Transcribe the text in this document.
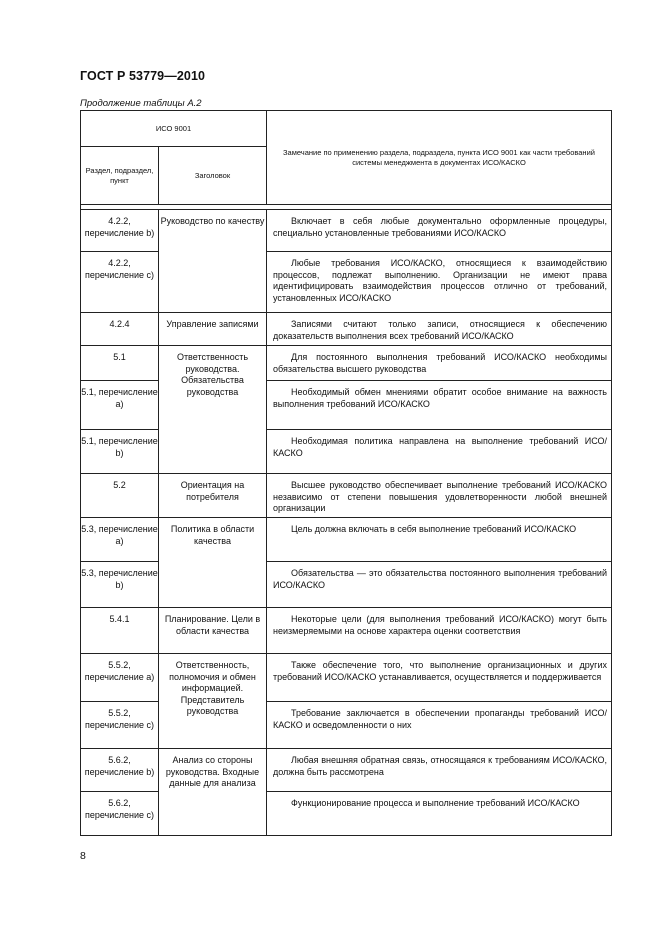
ГОСТ Р 53779—2010
Продолжение таблицы А.2
ИСО 9001		Замечание по применению раздела, подраздела, пункта ИСО 9001 как части требований системы менеджмента в документах ИСО/КАСКО
Раздел, подраздел, пункт	Заголовок	

4.2.2, перечисление b)	Руководство по качеству	Включает в себя любые документально оформленные процедуры, специально установленные требованиями ИСО/КАСКО
4.2.2, перечисление c)		Любые требования ИСО/КАСКО, относящиеся к взаимодействию процессов, подлежат выполнению. Организации не имеют права идентифицировать взаимодействия процессов отлично от требований, установленных ИСО/КАСКО
4.2.4	Управление записями	Записями считают только записи, относящиеся к обеспечению доказательств выполнения всех требований ИСО/КАСКО
5.1	Ответственность руководства. Обязательства руководства	Для постоянного выполнения требований ИСО/КАСКО необходимы обязательства высшего руководства
5.1, перечисление a)		Необходимый обмен мнениями обратит особое внимание на важность выполнения требований ИСО/КАСКО
5.1, перечисление b)		Необходимая политика направлена на выполнение требований ИСО/КАСКО
5.2	Ориентация на потребителя	Высшее руководство обеспечивает выполнение требований ИСО/КАСКО независимо от степени повышения удовлетворенности любой внешней организации
5.3, перечисление a)	Политика в области качества	Цель должна включать в себя выполнение требований ИСО/КАСКО
5.3, перечисление b)		Обязательства — это обязательства постоянного выполнения требований ИСО/КАСКО
5.4.1	Планирование. Цели в области качества	Некоторые цели (для выполнения требований ИСО/КАСКО) могут быть неизмеряемыми на основе характера оценки соответствия
5.5.2, перечисление a)	Ответственность, полномочия и обмен информацией. Представитель руководства	Также обеспечение того, что выполнение организационных и других требований ИСО/КАСКО устанавливается, осуществляется и поддерживается
5.5.2, перечисление c)		Требование заключается в обеспечении пропаганды требований ИСО/КАСКО и осведомленности о них
5.6.2, перечисление b)	Анализ со стороны руководства. Входные данные для анализа	Любая внешняя обратная связь, относящаяся к требованиям ИСО/КАСКО, должна быть рассмотрена
5.6.2, перечисление c)		Функционирование процесса и выполнение требований ИСО/КАСКО
8
